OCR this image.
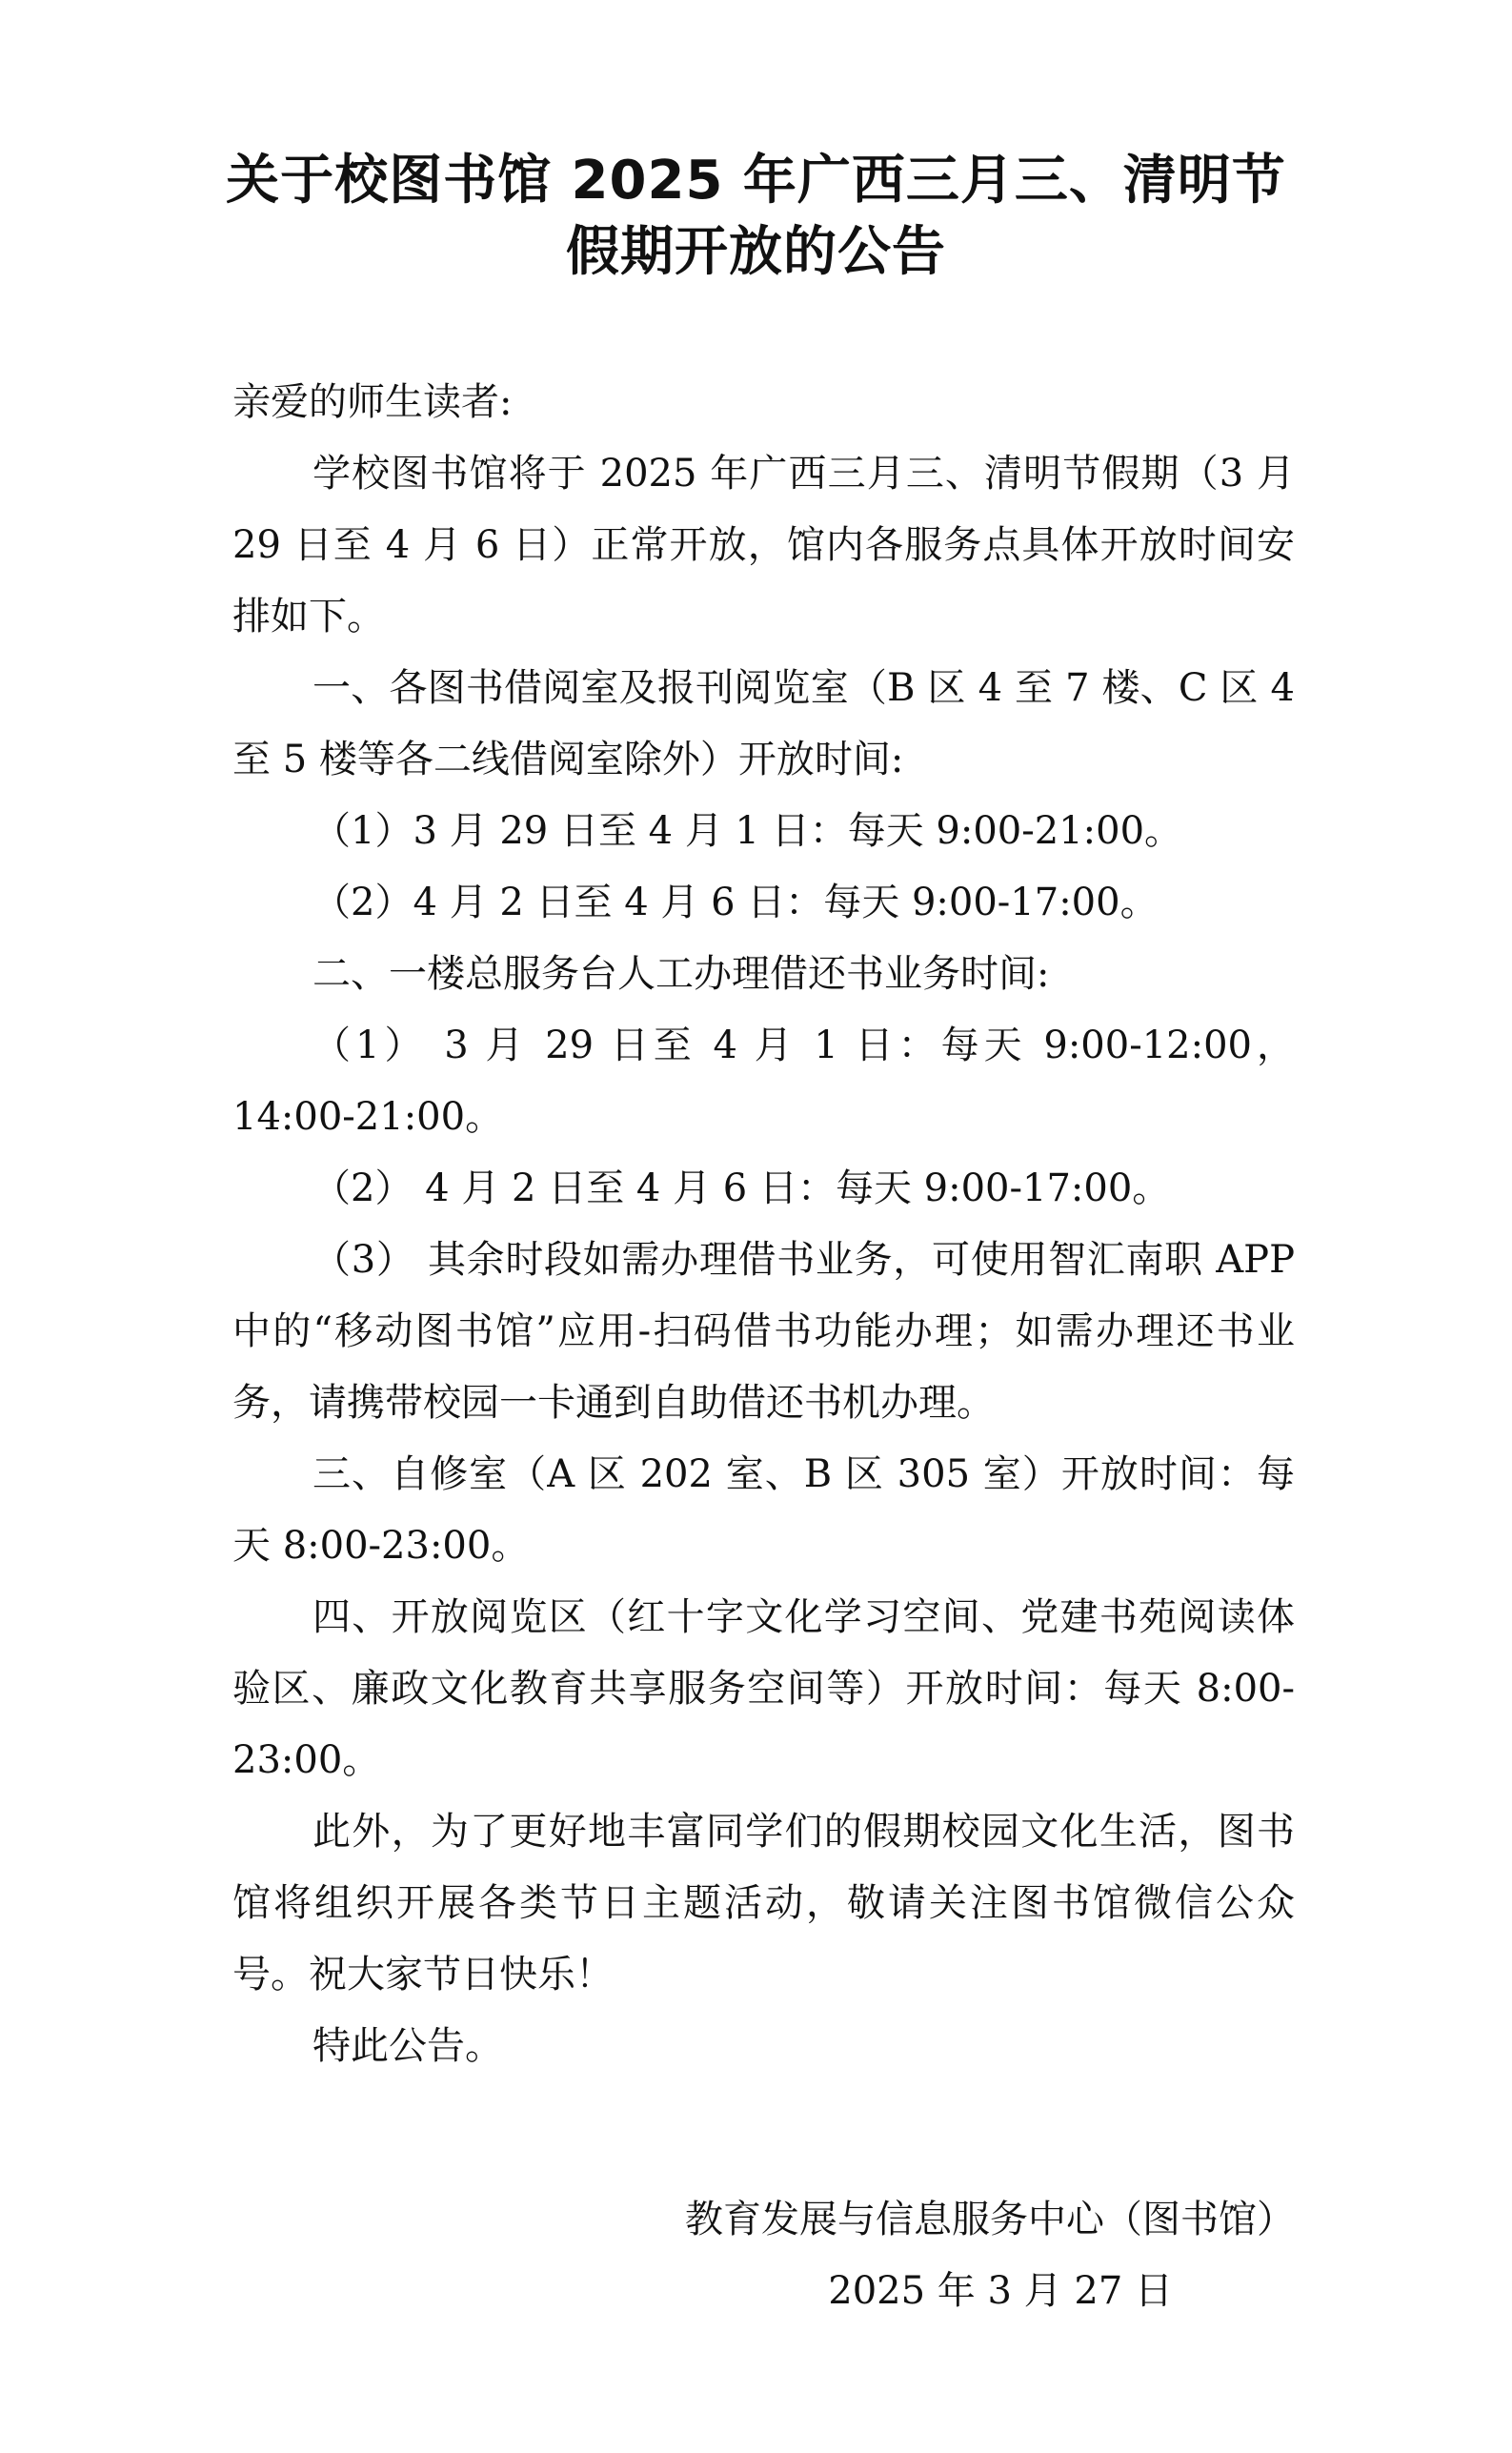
关于校图书馆 2025 年广西三月三、清明节
假期开放的公告

亲爱的师生读者:

学校图书馆将于 2025 年广西三月三、清明节假期（3 月 29 日至 4 月 6 日）正常开放，馆内各服务点具体开放时间安排如下。

一、各图书借阅室及报刊阅览室（B 区 4 至 7 楼、C 区 4 至 5 楼等各二线借阅室除外）开放时间:

（1）3 月 29 日至 4 月 1 日：每天 9:00-21:00。

（2）4 月 2 日至 4 月 6 日：每天 9:00-17:00。

二、一楼总服务台人工办理借还书业务时间:

（1） 3 月 29 日至 4 月 1 日：每天 9:00-12:00，14:00-21:00。

（2） 4 月 2 日至 4 月 6 日：每天 9:00-17:00。

（3） 其余时段如需办理借书业务，可使用智汇南职 APP 中的“移动图书馆”应用-扫码借书功能办理；如需办理还书业务，请携带校园一卡通到自助借还书机办理。

三、自修室（A 区 202 室、B 区 305 室）开放时间：每天 8:00-23:00。

四、开放阅览区（红十字文化学习空间、党建书苑阅读体验区、廉政文化教育共享服务空间等）开放时间：每天 8:00-23:00。

此外，为了更好地丰富同学们的假期校园文化生活，图书馆将组织开展各类节日主题活动，敬请关注图书馆微信公众号。祝大家节日快乐！

特此公告。

教育发展与信息服务中心（图书馆）
2025 年 3 月 27 日
